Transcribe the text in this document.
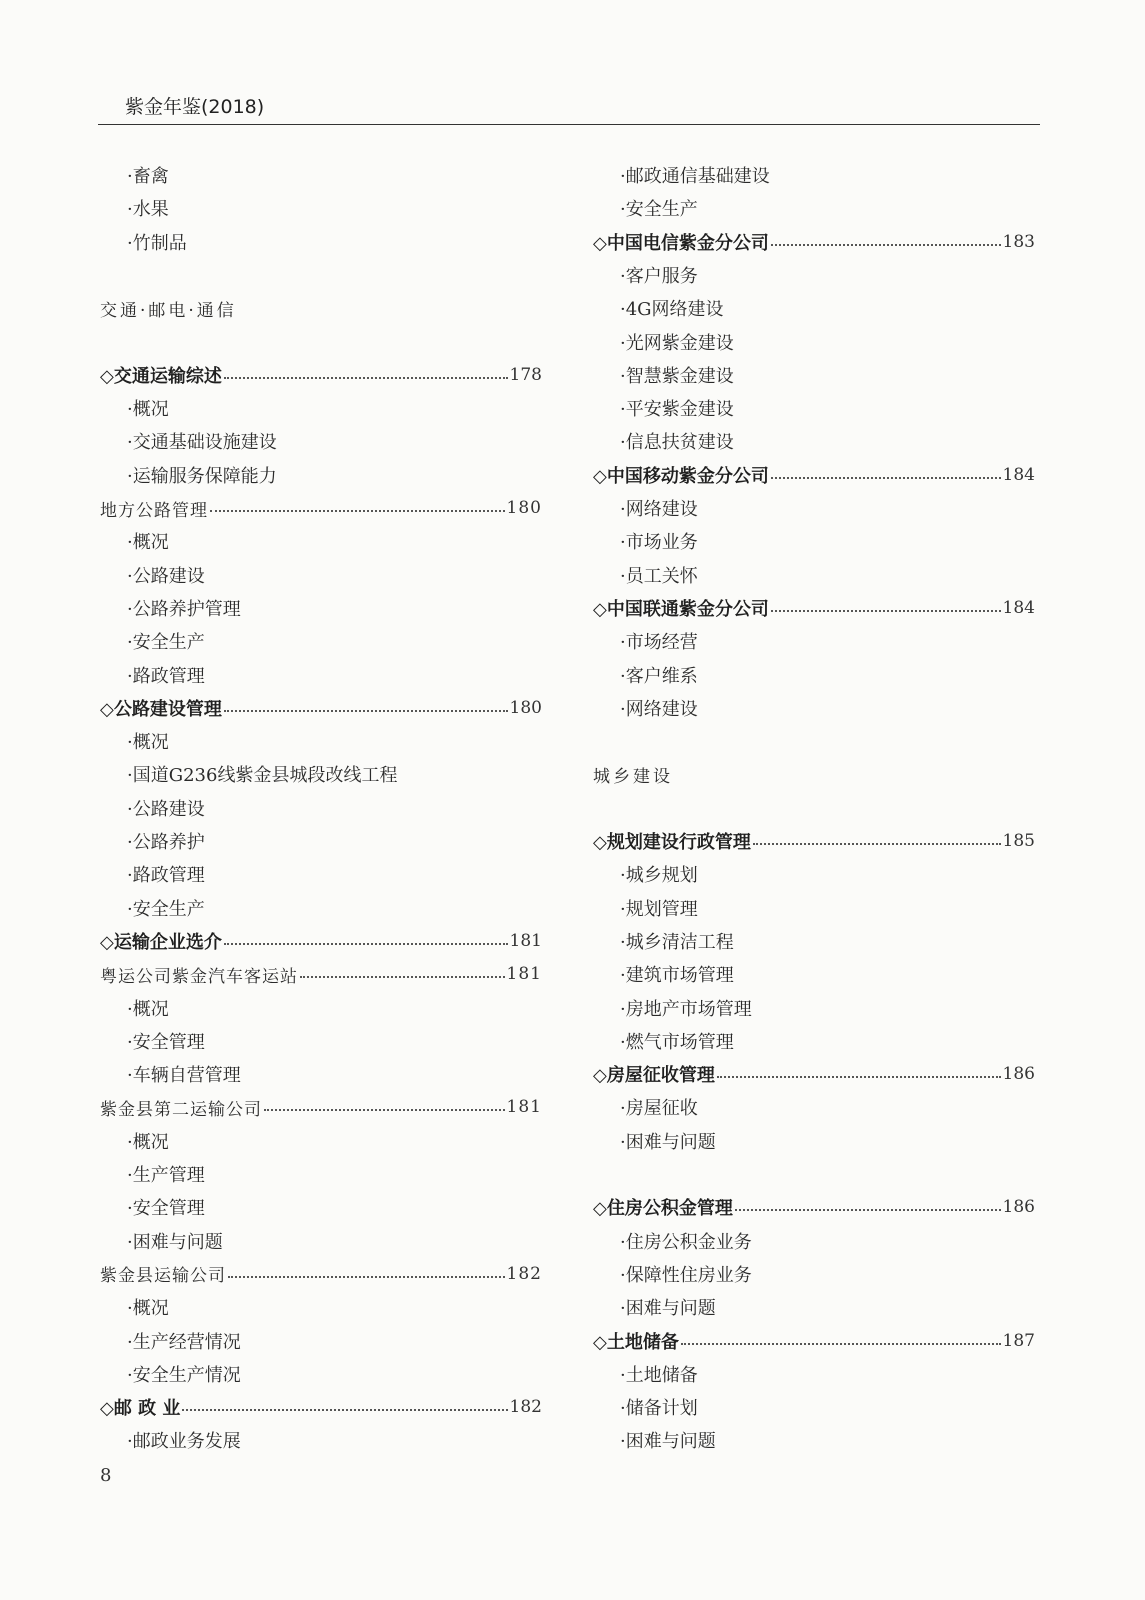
紫金年鉴(2018)
·畜禽
·水果
·竹制品
交通·邮电·通信
◇交通运输综述	178
·概况
·交通基础设施建设
·运输服务保障能力
地方公路管理	180
·概况
·公路建设
·公路养护管理
·安全生产
·路政管理
◇公路建设管理	180
·概况
·国道G236线紫金县城段改线工程
·公路建设
·公路养护
·路政管理
·安全生产
◇运输企业选介	181
粤运公司紫金汽车客运站	181
·概况
·安全管理
·车辆自营管理
紫金县第二运输公司	181
·概况
·生产管理
·安全管理
·困难与问题
紫金县运输公司	182
·概况
·生产经营情况
·安全生产情况
◇邮 政 业	182
·邮政业务发展
·邮政通信基础建设
·安全生产
◇中国电信紫金分公司	183
·客户服务
·4G网络建设
·光网紫金建设
·智慧紫金建设
·平安紫金建设
·信息扶贫建设
◇中国移动紫金分公司	184
·网络建设
·市场业务
·员工关怀
◇中国联通紫金分公司	184
·市场经营
·客户维系
·网络建设
城乡建设
◇规划建设行政管理	185
·城乡规划
·规划管理
·城乡清洁工程
·建筑市场管理
·房地产市场管理
·燃气市场管理
◇房屋征收管理	186
·房屋征收
·困难与问题
◇住房公积金管理	186
·住房公积金业务
·保障性住房业务
·困难与问题
◇土地储备	187
·土地储备
·储备计划
·困难与问题
8
